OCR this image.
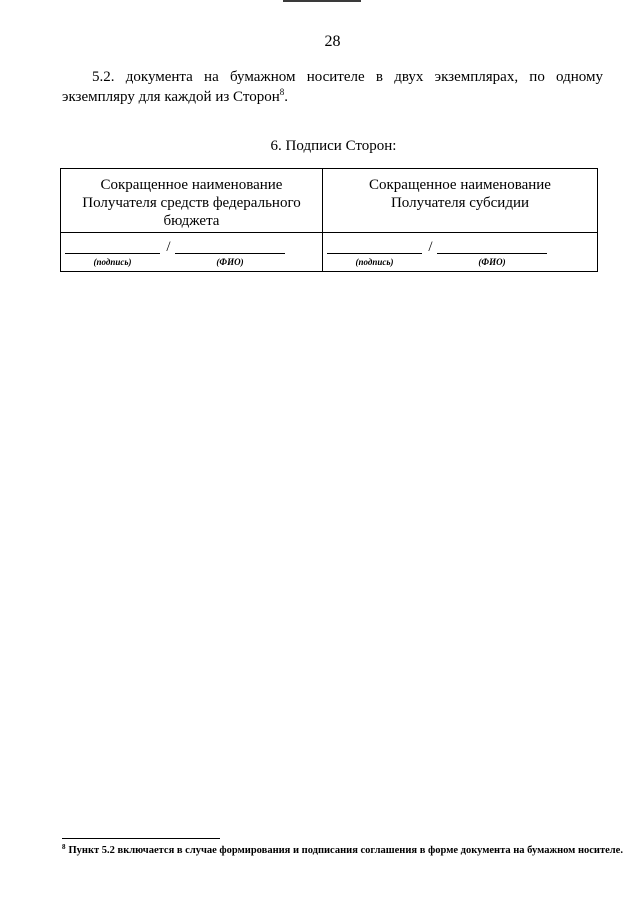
28

5.2. документа на бумажном носителе в двух экземплярах, по одному экземпляру для каждой из Сторон$^8$.

6. Подписи Сторон:
Сокращенное наименование
Получателя средств федерального
бюджета
Сокращенное наименование
Получателя субсидии
(подпись)
/
(ФИО)	(подпись)
/
(ФИО)
$^8$ Пункт 5.2 включается в случае формирования и подписания соглашения в форме документа на бумажном носителе.
